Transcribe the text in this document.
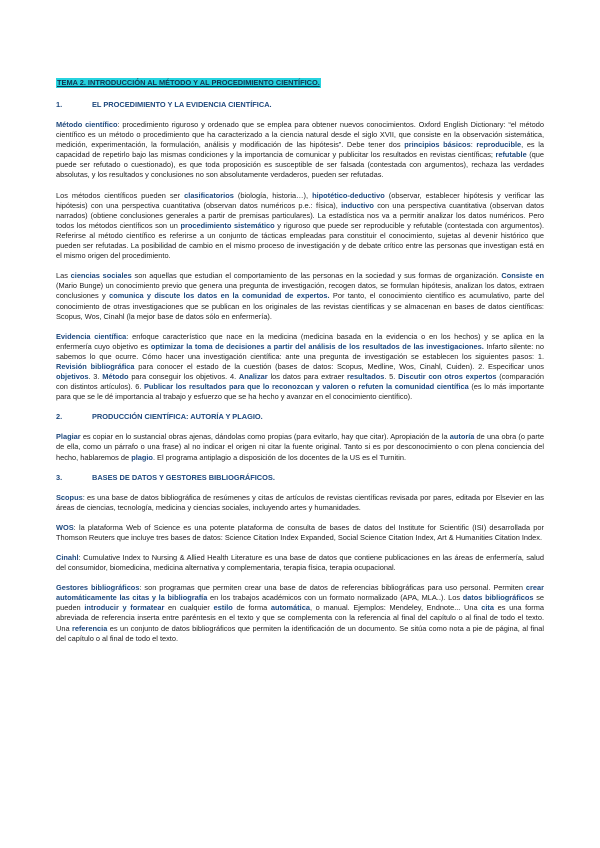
TEMA 2. INTRODUCCIÓN AL MÉTODO Y AL PROCEDIMIENTO CIENTÍFICO.
1.	EL PROCEDIMIENTO Y LA EVIDENCIA CIENTÍFICA.

Método científico: procedimiento riguroso y ordenado que se emplea para obtener nuevos conocimientos. Oxford English Dictionary: “el método científico es un método o procedimiento que ha caracterizado a la ciencia natural desde el siglo XVII, que consiste en la observación sistemática, medición, experimentación, la formulación, análisis y modificación de las hipótesis”. Debe tener dos principios básicos: reproducible, es la capacidad de repetirlo bajo las mismas condiciones y la importancia de comunicar y publicitar los resultados en revistas científicas; refutable (que puede ser refutado o cuestionado), es que toda proposición es susceptible de ser falsada (contestada con argumentos), rechaza las verdades absolutas, y los resultados y conclusiones no son absolutamente verdaderos, pueden ser refutadas.

Los métodos científicos pueden ser clasificatorios (biología, historia…), hipotético-deductivo (observar, establecer hipótesis y verificar las hipótesis) con una perspectiva cuantitativa (observan datos numéricos p.e.: física), inductivo con una perspectiva cuantitativa (observan datos narrados) (obtiene conclusiones generales a partir de premisas particulares). La estadística nos va a permitir analizar los datos numéricos. Pero todos los métodos científicos son un procedimiento sistemático y riguroso que puede ser reproducible y refutable (contestada con argumentos). Referirse al método científico es referirse a un conjunto de tácticas empleadas para constituir el conocimiento, sujetas al devenir histórico que pueden ser refutadas. La posibilidad de cambio en el mismo proceso de investigación y de debate crítico entre las personas que investigan está en el mismo origen del procedimiento.

Las ciencias sociales son aquellas que estudian el comportamiento de las personas en la sociedad y sus formas de organización. Consiste en (Mario Bunge) un conocimiento previo que genera una pregunta de investigación, recogen datos, se formulan hipótesis, analizan los datos, extraen conclusiones y comunica y discute los datos en la comunidad de expertos. Por tanto, el conocimiento científico es acumulativo, parte del conocimiento de otras investigaciones que se publican en los originales de las revistas científicas y se almacenan en bases de datos científicas: Scopus, Wos, Cinahl (la mejor base de datos sólo en enfermería).

Evidencia científica: enfoque característico que nace en la medicina (medicina basada en la evidencia o en los hechos) y se aplica en la enfermería cuyo objetivo es optimizar la toma de decisiones a partir del análisis de los resultados de las investigaciones. Infarto silente: no sabemos lo que ocurre. Cómo hacer una investigación científica: ante una pregunta de investigación se establecen los siguientes pasos: 1. Revisión bibliográfica para conocer el estado de la cuestión (bases de datos: Scopus, Medline, Wos, Cinahl, Cuiden). 2. Especificar unos objetivos. 3. Método para conseguir los objetivos. 4. Analizar los datos para extraer resultados. 5. Discutir con otros expertos (comparación con distintos artículos). 6. Publicar los resultados para que lo reconozcan y valoren o refuten la comunidad científica (es lo más importante para que se le dé importancia al trabajo y esfuerzo que se ha hecho y avanzar en el conocimiento científico).

2.	PRODUCCIÓN CIENTÍFICA: AUTORÍA Y PLAGIO.

Plagiar es copiar en lo sustancial obras ajenas, dándolas como propias (para evitarlo, hay que citar). Apropiación de la autoría de una obra (o parte de ella, como un párrafo o una frase) al no indicar el origen ni citar la fuente original. Tanto si es por desconocimiento o con plena conciencia del hecho, hablaremos de plagio. El programa antiplagio a disposición de los docentes de la US es el Turnitin.

3.	BASES DE DATOS Y GESTORES BIBLIOGRÁFICOS.

Scopus: es una base de datos bibliográfica de resúmenes y citas de artículos de revistas científicas revisada por pares, editada por Elsevier en las áreas de ciencias, tecnología, medicina y ciencias sociales, incluyendo artes y humanidades.

WOS: la plataforma Web of Science es una potente plataforma de consulta de bases de datos del Institute for Scientific (ISI) desarrollada por Thomson Reuters que incluye tres bases de datos: Science Citation Index Expanded, Social Science Citation Index, Art & Humanities Citation Index.

Cinahl: Cumulative Index to Nursing & Allied Health Literature es una base de datos que contiene publicaciones en las áreas de enfermería, salud del consumidor, biomedicina, medicina alternativa y complementaria, terapia física, terapia ocupacional.

Gestores bibliográficos: son programas que permiten crear una base de datos de referencias bibliográficas para uso personal. Permiten crear automáticamente las citas y la bibliografía en los trabajos académicos con un formato normalizado (APA, MLA..). Los datos bibliográficos se pueden introducir y formatear en cualquier estilo de forma automática, o manual. Ejemplos: Mendeley, Endnote... Una cita es una forma abreviada de referencia inserta entre paréntesis en el texto y que se complementa con la referencia al final del capítulo o al final de todo el texto. Una referencia es un conjunto de datos bibliográficos que permiten la identificación de un documento. Se sitúa como nota a pie de página, al final del capítulo o al final de todo el texto.
